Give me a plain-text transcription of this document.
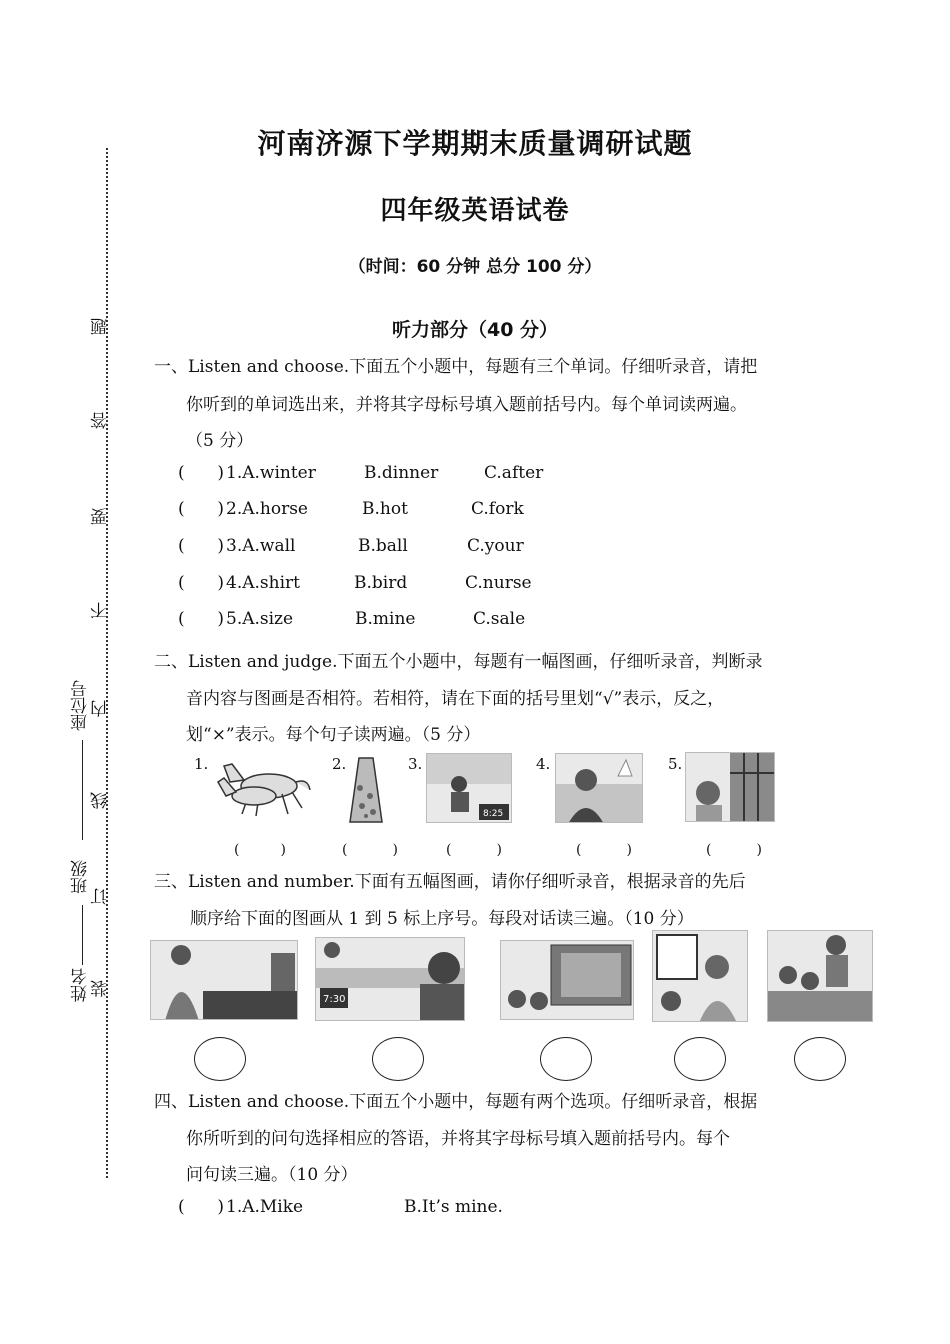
题
答
要
不
内
线
订
装
座位号
班级
姓名
河南济源下学期期末质量调研试题
四年级英语试卷
（时间：60 分钟 总分 100 分）
听力部分（40 分）
一、Listen and choose.下面五个小题中，每题有三个单词。仔细听录音，请把
你听到的单词选出来，并将其字母标号填入题前括号内。每个单词读两遍。
（5 分）
( ) 1.A.winter	B.dinner	C.after
( ) 2.A.horse	B.hot	C.fork
( ) 3.A.wall	B.ball	C.your
( ) 4.A.shirt	B.bird	C.nurse
( ) 5.A.size	B.mine	C.sale
二、Listen and judge.下面五个小题中，每题有一幅图画，仔细听录音，判断录
音内容与图画是否相符。若相符，请在下面的括号里划“√”表示，反之，
划“×”表示。每个句子读两遍。（5 分）
1.	2.	3.	4.	5.
8:25
(	)	(	)	(	)	(	)	(	)
三、Listen and number.下面有五幅图画，请你仔细听录音，根据录音的先后
顺序给下面的图画从 1 到 5 标上序号。每段对话读三遍。（10 分）
7:30
四、Listen and choose.下面五个小题中，每题有两个选项。仔细听录音，根据
你所听到的问句选择相应的答语，并将其字母标号填入题前括号内。每个
问句读三遍。（10 分）
( ) 1.A.Mike	B.It’s mine.
